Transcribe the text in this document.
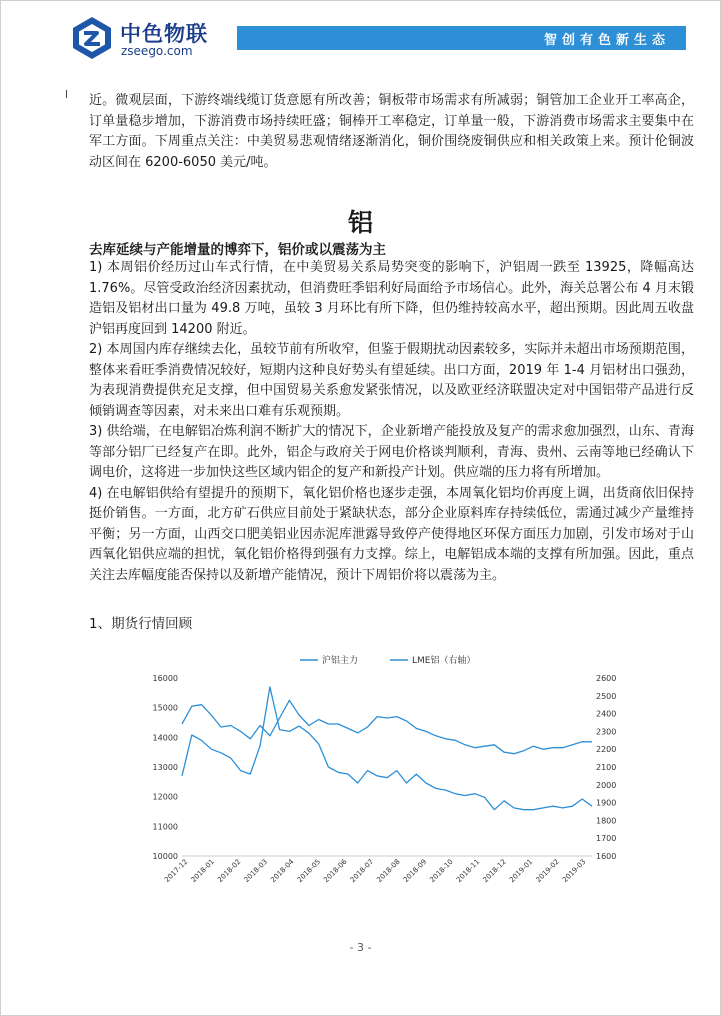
中色物联
zseego.com
智创有色新生态
近。微观层面，下游终端线缆订货意愿有所改善；铜板带市场需求有所减弱；铜管加工企业开工率高企，订单量稳步增加，下游消费市场持续旺盛；铜棒开工率稳定，订单量一般，下游消费市场需求主要集中在军工方面。下周重点关注：中美贸易悲观情绪逐渐消化，铜价围绕废铜供应和相关政策上来。预计伦铜波动区间在 6200-6050 美元/吨。
铝
去库延续与产能增量的博弈下，铝价或以震荡为主

1) 本周铝价经历过山车式行情，在中美贸易关系局势突变的影响下，沪铝周一跌至 13925，降幅高达 1.76%。尽管受政治经济因素扰动，但消费旺季铝利好局面给予市场信心。此外，海关总署公布 4 月末锻造铝及铝材出口量为 49.8 万吨，虽较 3 月环比有所下降，但仍维持较高水平，超出预期。因此周五收盘沪铝再度回到 14200 附近。

2) 本周国内库存继续去化，虽较节前有所收窄，但鉴于假期扰动因素较多，实际并未超出市场预期范围，整体来看旺季消费情况较好，短期内这种良好势头有望延续。出口方面，2019 年 1-4 月铝材出口强劲，为表现消费提供充足支撑，但中国贸易关系愈发紧张情况，以及欧亚经济联盟决定对中国铝带产品进行反倾销调查等因素，对未来出口难有乐观预期。

3) 供给端，在电解铝冶炼利润不断扩大的情况下，企业新增产能投放及复产的需求愈加强烈，山东、青海等部分铝厂已经复产在即。此外，铝企与政府关于网电价格谈判顺利，青海、贵州、云南等地已经确认下调电价，这将进一步加快这些区域内铝企的复产和新投产计划。供应端的压力将有所增加。

4) 在电解铝供给有望提升的预期下，氧化铝价格也逐步走强，本周氧化铝均价再度上调，出货商依旧保持挺价销售。一方面，北方矿石供应目前处于紧缺状态，部分企业原料库存持续低位，需通过减少产量维持平衡；另一方面，山西交口肥美铝业因赤泥库泄露导致停产使得地区环保方面压力加剧，引发市场对于山西氧化铝供应端的担忧，氧化铝价格得到强有力支撑。综上，电解铝成本端的支撑有所加强。因此，重点关注去库幅度能否保持以及新增产能情况，预计下周铝价将以震荡为主。

1、期货行情回顾
沪铝主力	LME铝（右轴）
16000
15000
14000
13000
12000
11000
10000
2600
2500
2400
2300
2200
2100
2000
1900
1800
1700
1600
2017-12 2018-01 2018-02 2018-03 2018-04 2018-05 2018-06 2018-07 2018-08 2018-09 2018-10 2018-11 2018-12 2019-01 2019-02 2019-03
- 3 -
